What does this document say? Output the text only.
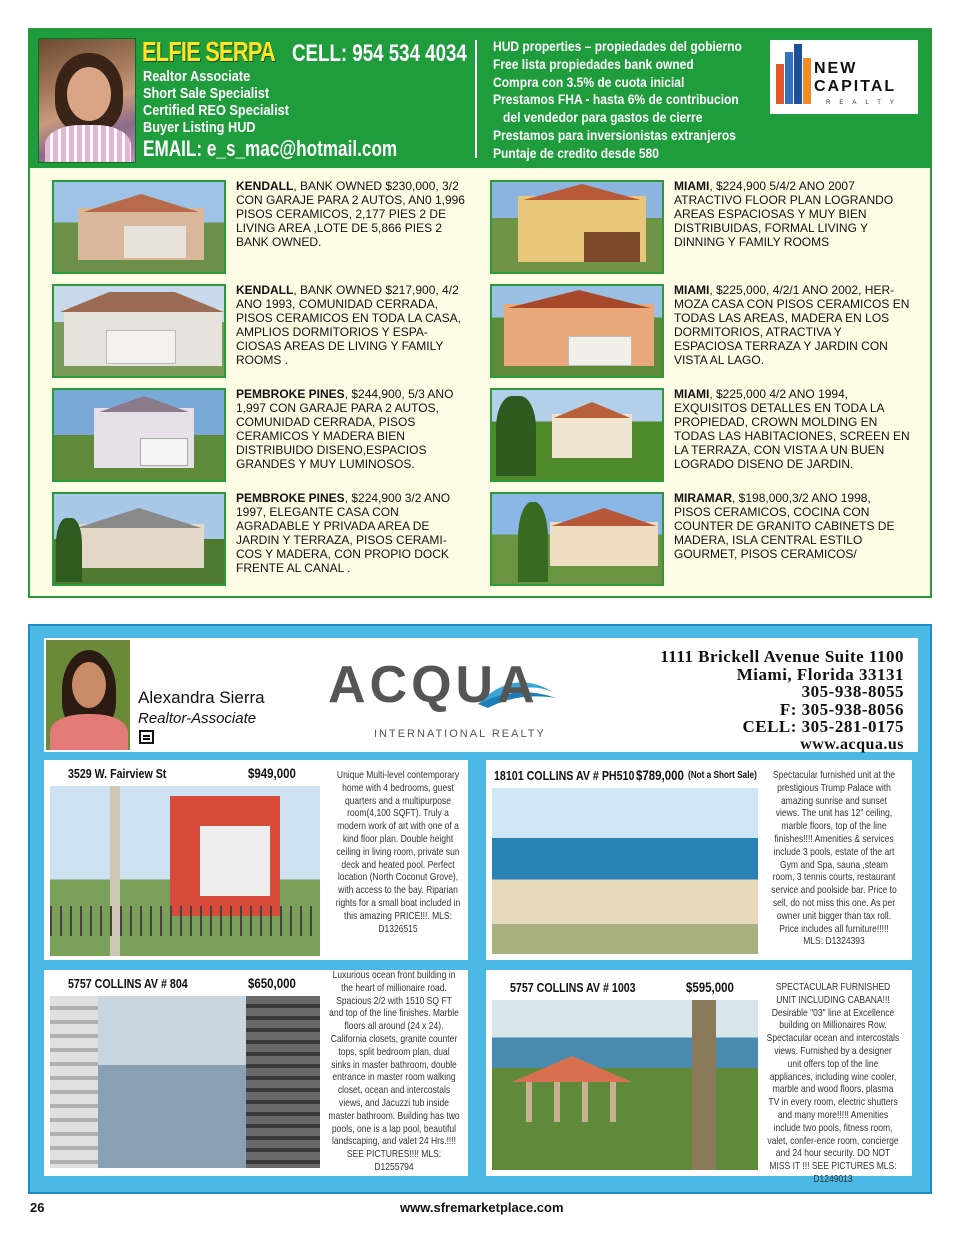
ELFIE SERPA CELL: 954 534 4034
Realtor Associate
Short Sale Specialist
Certified REO Specialist
Buyer Listing HUD
EMAIL: e_s_mac@hotmail.com
HUD properties – propiedades del gobierno
Free lista propiedades bank owned
Compra con 3.5% de cuota inicial
Prestamos FHA - hasta 6% de contribucion
del vendedor para gastos de cierre
Prestamos para inversionistas extranjeros
Puntaje de credito desde 580
NEW
CAPITAL
REALTY
KENDALL, BANK OWNED $230,000, 3/2 CON GARAJE PARA 2 AUTOS, AN0 1,996 PISOS CERAMICOS, 2,177 PIES 2 DE LIVING AREA ,LOTE DE 5,866 PIES 2 BANK OWNED.
KENDALL, BANK OWNED $217,900, 4/2 ANO 1993, COMUNIDAD CERRADA, PISOS CERAMICOS EN TODA LA CASA, AMPLIOS DORMITORIOS Y ESPA-CIOSAS AREAS DE LIVING Y FAMILY ROOMS .
PEMBROKE PINES, $244,900, 5/3 ANO 1,997 CON GARAJE PARA 2 AUTOS, COMUNIDAD CERRADA, PISOS CERAMICOS Y MADERA BIEN DISTRIBUIDO DISENO,ESPACIOS GRANDES Y MUY LUMINOSOS.
PEMBROKE PINES, $224,900 3/2 ANO 1997, ELEGANTE CASA CON AGRADABLE Y PRIVADA AREA DE JARDIN Y TERRAZA, PISOS CERAMI-COS Y MADERA, CON PROPIO DOCK FRENTE AL CANAL .
MIAMI, $224,900 5/4/2 ANO 2007 ATRACTIVO FLOOR PLAN LOGRANDO AREAS ESPACIOSAS Y MUY BIEN DISTRIBUIDAS, FORMAL LIVING Y DINNING Y FAMILY ROOMS
MIAMI, $225,000, 4/2/1 ANO 2002, HER-MOZA CASA CON PISOS CERAMICOS EN TODAS LAS AREAS, MADERA EN LOS DORMITORIOS, ATRACTIVA Y ESPACIOSA TERRAZA Y JARDIN CON VISTA AL LAGO.
MIAMI, $225,000 4/2 ANO 1994, EXQUISITOS DETALLES EN TODA LA PROPIEDAD, CROWN MOLDING EN TODAS LAS HABITACIONES, SCREEN EN LA TERRAZA, CON VISTA A UN BUEN LOGRADO DISENO DE JARDIN.
MIRAMAR, $198,000,3/2 ANO 1998, PISOS CERAMICOS, COCINA CON COUNTER DE GRANITO CABINETS DE MADERA, ISLA CENTRAL ESTILO GOURMET, PISOS CERAMICOS/
Alexandra Sierra
Realtor-Associate
ACQUA
INTERNATIONAL REALTY
1111 Brickell Avenue Suite 1100
Miami, Florida 33131
305-938-8055
F: 305-938-8056
CELL: 305-281-0175
www.acqua.us
3529 W. Fairview St	$949,000	Unique Multi-level contemporary home with 4 bedrooms, guest quarters and a multipurpose room(4,100 SQFT). Truly a modern work of art with one of a kind floor plan. Double height ceiling in living room, private sun deck and heated pool. Perfect location (North Coconut Grove), with access to the bay. Riparian rights for a small boat included in this amazing PRICE!!!. MLS: D1326515
18101 COLLINS AV # PH510 $789,000 (Not a Short Sale)	Spectacular furnished unit at the prestigious Trump Palace with amazing sunrise and sunset views. The unit has 12" ceiling, marble floors, top of the line finishes!!!! Amenities & services include 3 pools, estate of the art Gym and Spa, sauna ,steam room, 3 tennis courts, restaurant service and poolside bar. Price to sell, do not miss this one. As per owner unit bigger than tax roll. Price includes all furniture!!!!! MLS: D1324393
5757 COLLINS AV # 804	$650,000	Luxurious ocean front building in the heart of millionaire road. Spacious 2/2 with 1510 SQ FT and top of the line finishes. Marble floors all around (24 x 24). California closets, granite counter tops, split bedroom plan, dual sinks in master bathroom, double entrance in master room walking closet, ocean and intercostals views, and Jacuzzi tub inside master bathroom. Building has two pools, one is a lap pool, beautiful landscaping, and valet 24 Hrs.!!!! SEE PICTURES!!!! MLS: D1255794
5757 COLLINS AV # 1003	$595,000	SPECTACULAR FURNISHED UNIT INCLUDING CABANA!!! Desirable "03" line at Excellence building on Millionaires Row. Spectacular ocean and intercostals views. Furnished by a designer unit offers top of the line appliances, including wine cooler, marble and wood floors, plasma TV in every room, electric shutters and many more!!!!! Amenities include two pools, fitness room, valet, confer-ence room, concierge and 24 hour security. DO NOT MISS IT !!! SEE PICTURES MLS: D1249013
26	www.sfremarketplace.com
